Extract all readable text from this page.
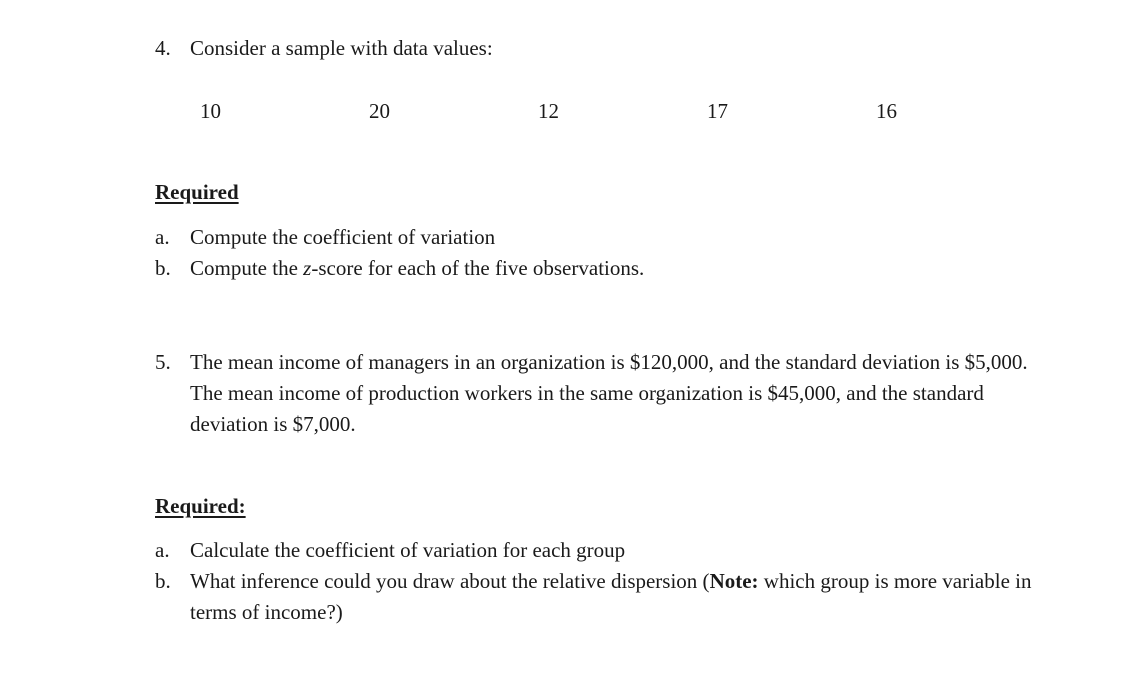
4. Consider a sample with data values:
10	20	12	17	16
Required
a. Compute the coefficient of variation
b. Compute the z-score for each of the five observations.
5. The mean income of managers in an organization is $120,000, and the standard deviation is $5,000. The mean income of production workers in the same organization is $45,000, and the standard deviation is $7,000.
Required:
a. Calculate the coefficient of variation for each group
b. What inference could you draw about the relative dispersion (Note: which group is more variable in terms of income?)
